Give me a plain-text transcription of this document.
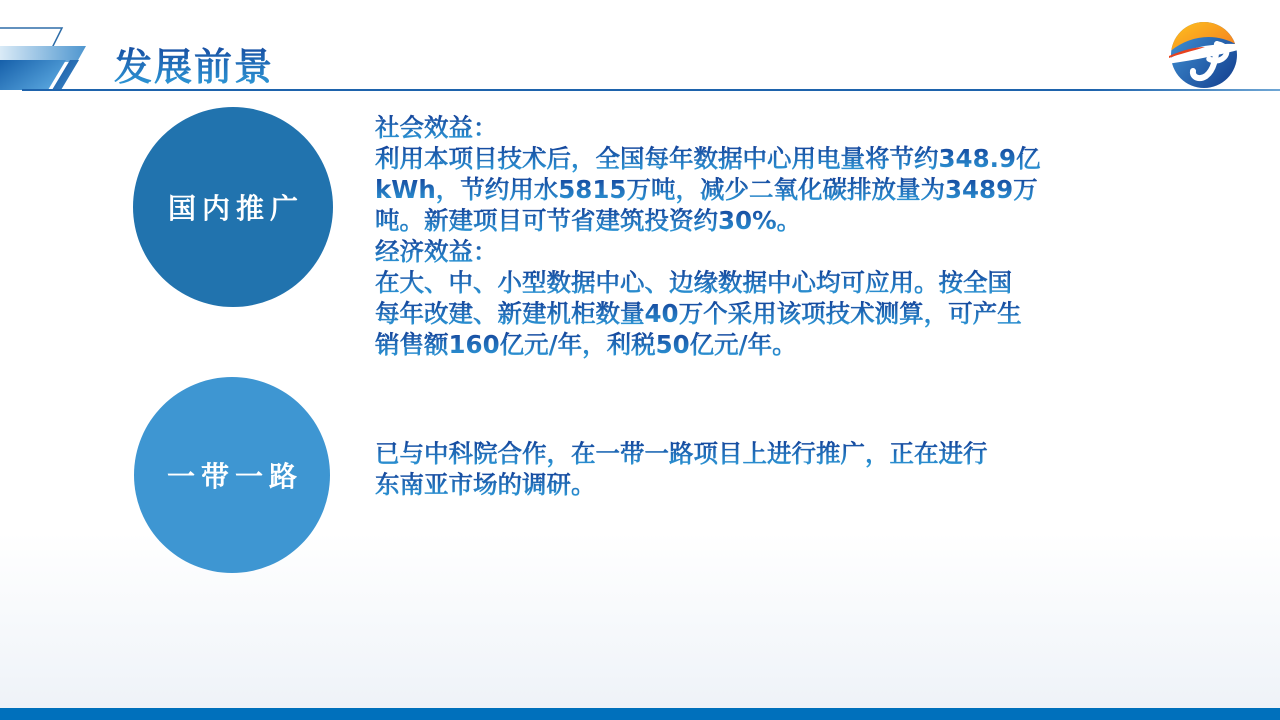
发展前景
国内推广
社会效益：
利用本项目技术后，全国每年数据中心用电量将节约348.9亿
kWh，节约用水5815万吨，减少二氧化碳排放量为3489万
吨。新建项目可节省建筑投资约30%。
经济效益：
在大、中、小型数据中心、边缘数据中心均可应用。按全国
每年改建、新建机柜数量40万个采用该项技术测算，可产生
销售额160亿元/年，利税50亿元/年。
一带一路
已与中科院合作，在一带一路项目上进行推广，正在进行
东南亚市场的调研。
